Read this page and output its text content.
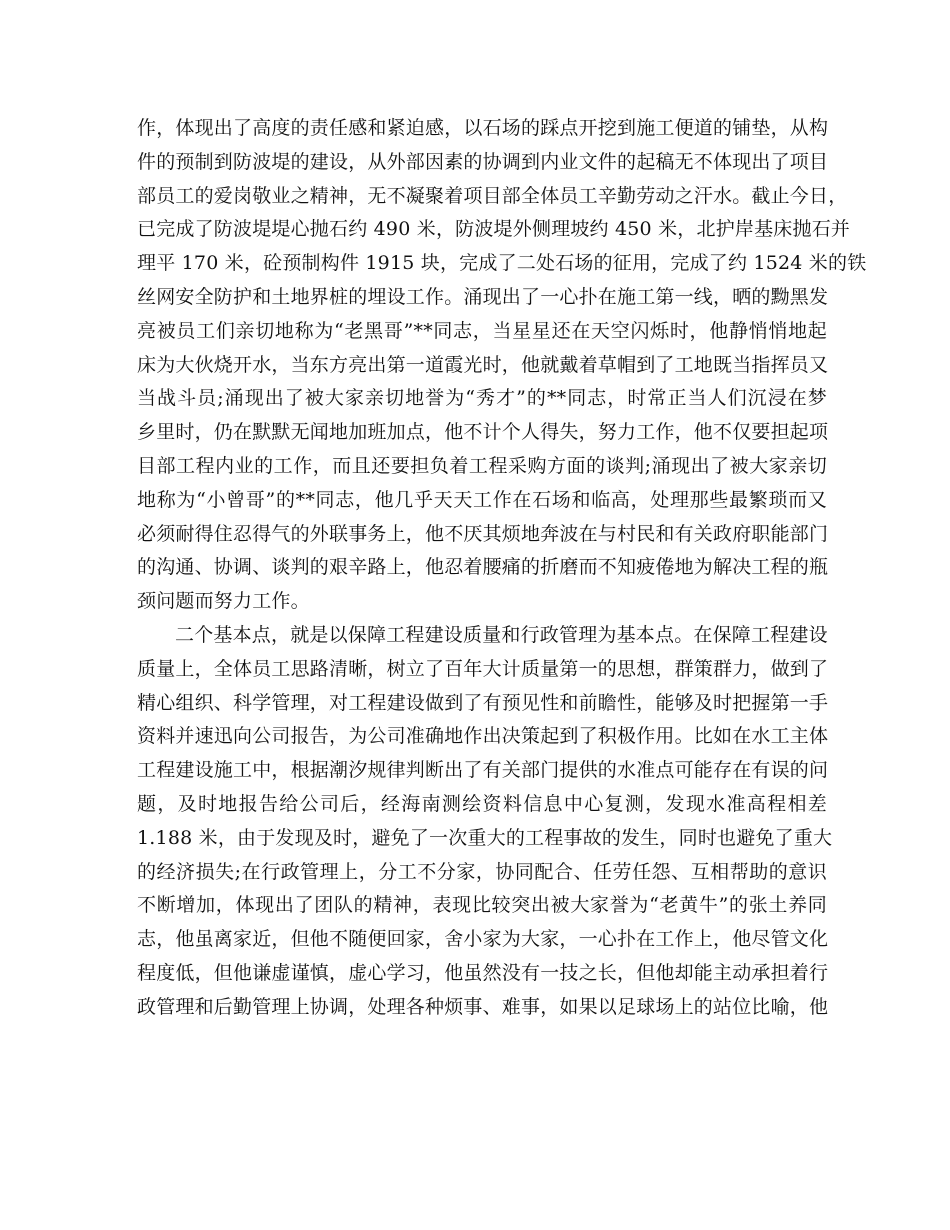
作，体现出了高度的责任感和紧迫感，以石场的踩点开挖到施工便道的铺垫，从构
件的预制到防波堤的建设，从外部因素的协调到内业文件的起稿无不体现出了项目
部员工的爱岗敬业之精神，无不凝聚着项目部全体员工辛勤劳动之汗水。截止今日，
已完成了防波堤堤心抛石约 490 米，防波堤外侧理坡约 450 米，北护岸基床抛石并
理平 170 米，砼预制构件 1915 块，完成了二处石场的征用，完成了约 1524 米的铁
丝网安全防护和土地界桩的埋设工作。涌现出了一心扑在施工第一线，晒的黝黑发
亮被员工们亲切地称为“老黑哥”**同志，当星星还在天空闪烁时，他静悄悄地起
床为大伙烧开水，当东方亮出第一道霞光时，他就戴着草帽到了工地既当指挥员又
当战斗员;涌现出了被大家亲切地誉为“秀才”的**同志，时常正当人们沉浸在梦
乡里时，仍在默默无闻地加班加点，他不计个人得失，努力工作，他不仅要担起项
目部工程内业的工作，而且还要担负着工程采购方面的谈判;涌现出了被大家亲切
地称为“小曾哥”的**同志，他几乎天天工作在石场和临高，处理那些最繁琐而又
必须耐得住忍得气的外联事务上，他不厌其烦地奔波在与村民和有关政府职能部门
的沟通、协调、谈判的艰辛路上，他忍着腰痛的折磨而不知疲倦地为解决工程的瓶
颈问题而努力工作。
二个基本点，就是以保障工程建设质量和行政管理为基本点。在保障工程建设
质量上，全体员工思路清晰，树立了百年大计质量第一的思想，群策群力，做到了
精心组织、科学管理，对工程建设做到了有预见性和前瞻性，能够及时把握第一手
资料并速迅向公司报告，为公司准确地作出决策起到了积极作用。比如在水工主体
工程建设施工中，根据潮汐规律判断出了有关部门提供的水准点可能存在有误的问
题，及时地报告给公司后，经海南测绘资料信息中心复测，发现水准高程相差
1.188 米，由于发现及时，避免了一次重大的工程事故的发生，同时也避免了重大
的经济损失;在行政管理上，分工不分家，协同配合、任劳任怨、互相帮助的意识
不断增加，体现出了团队的精神，表现比较突出被大家誉为“老黄牛”的张土养同
志，他虽离家近，但他不随便回家，舍小家为大家，一心扑在工作上，他尽管文化
程度低，但他谦虚谨慎，虚心学习，他虽然没有一技之长，但他却能主动承担着行
政管理和后勤管理上协调，处理各种烦事、难事，如果以足球场上的站位比喻，他
